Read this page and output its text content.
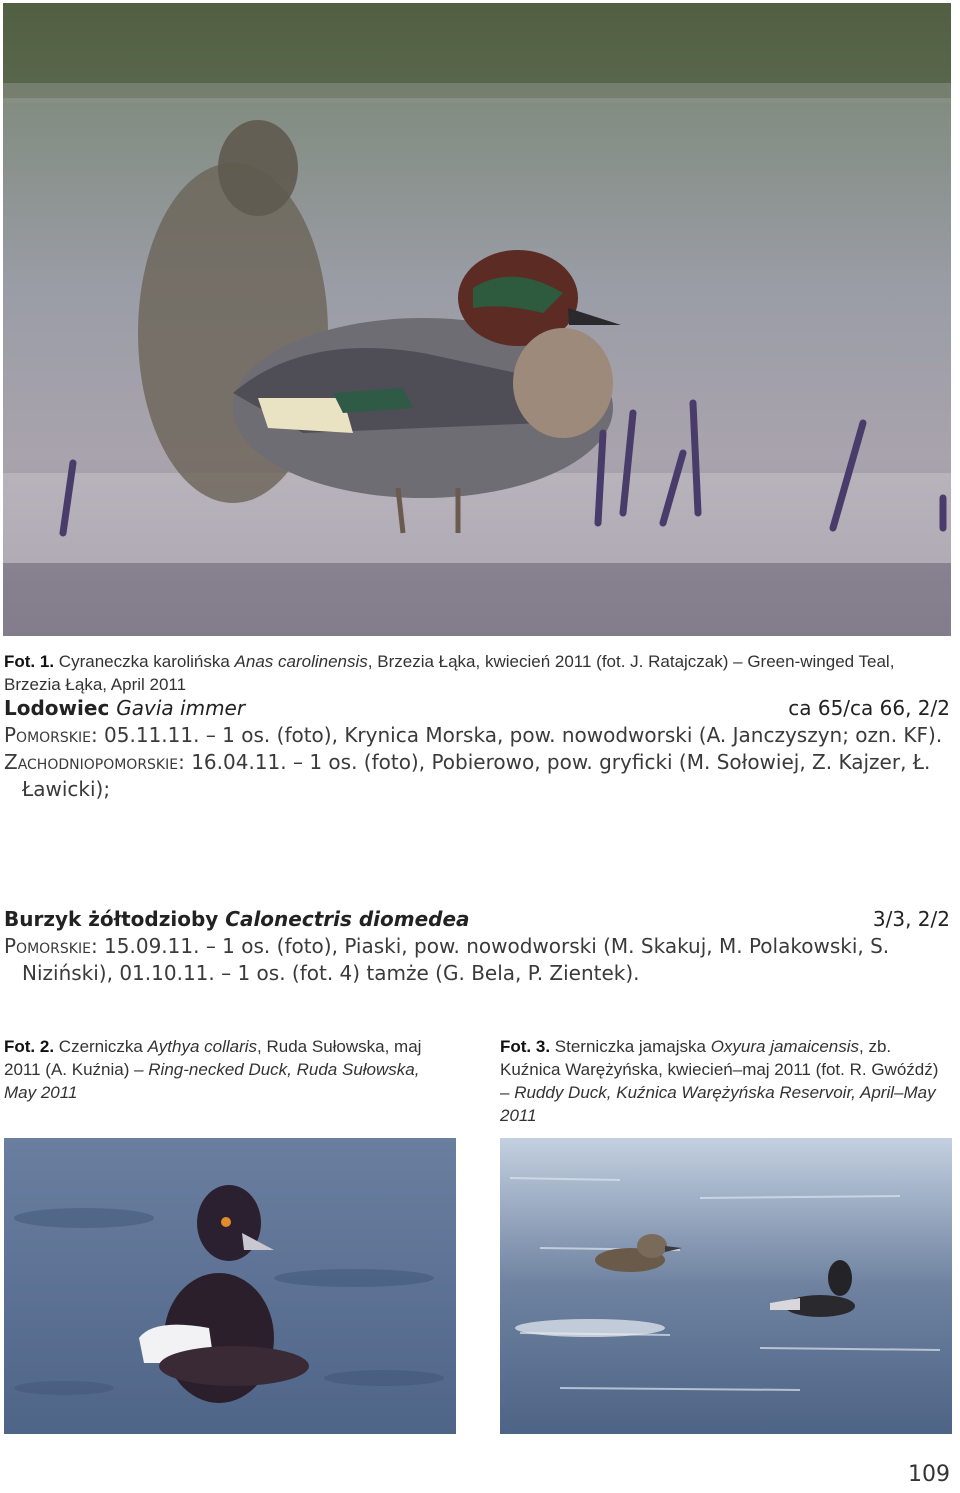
Fot. 1. Cyraneczka karolińska Anas carolinensis, Brzezia Łąka, kwiecień 2011 (fot. J. Ratajczak) – Green-winged Teal, Brzezia Łąka, April 2011
Lodowiec Gavia immer	ca 65/ca 66, 2/2

Pomorskie: 05.11.11. – 1 os. (foto), Krynica Morska, pow. nowodworski (A. Janczyszyn; ozn. KF).

Zachodniopomorskie: 16.04.11. – 1 os. (foto), Pobierowo, pow. gryficki (M. Sołowiej, Z. Kajzer, Ł. Ławicki);

Burzyk żółtodzioby Calonectris diomedea	3/3, 2/2

Pomorskie: 15.09.11. – 1 os. (foto), Piaski, pow. nowodworski (M. Skakuj, M. Polakowski, S. Niziński), 01.10.11. – 1 os. (fot. 4) tamże (G. Bela, P. Zientek).

Fot. 2. Czerniczka Aythya collaris, Ruda Sułowska, maj 2011 (A. Kuźnia) – Ring-necked Duck, Ruda Sułowska, May 2011
Fot. 3. Sterniczka jamajska Oxyura jamaicensis, zb. Kuźnica Warężyńska, kwiecień–maj 2011 (fot. R. Gwóźdź) – Ruddy Duck, Kuźnica Warężyńska Reservoir, April–May 2011
109
